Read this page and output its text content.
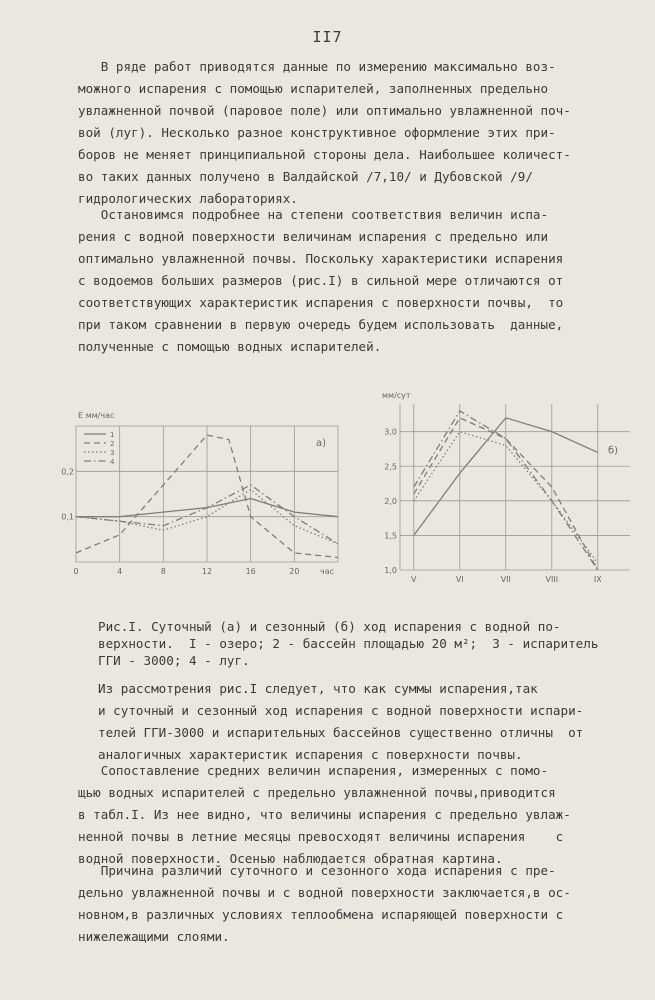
II7
В ряде работ приводятся данные по измерению максимально воз-
можного испарения с помощью испарителей, заполненных предельно
увлажненной почвой (паровое поле) или оптимально увлажненной поч-
вой (луг). Несколько разное конструктивное оформление этих при-
боров не меняет принципиальной стороны дела. Наибольшее количест-
во таких данных получено в Валдайской /7,10/ и Дубовской /9/
гидрологических лабораториях.
Остановимся подробнее на степени соответствия величин испа-
рения с водной поверхности величинам испарения с предельно или
оптимально увлажненной почвы. Поскольку характеристики испарения
с водоемов больших размеров (рис.I) в сильной мере отличаются от
соответствующих характеристик испарения с поверхности почвы,  то
при таком сравнении в первую очередь будем использовать  данные,
полученные с помощью водных испарителей.
0	4	8	12	16	20
0,1
0,2
час
E мм/час
а)
1
2
3
4
1,0
1,5
2,0
2,5
3,0
V	VI	VII	VIII	IX
мм/сут
б)
Рис.I. Суточный (а) и сезонный (б) ход испарения с водной по-
верхности.  I - озеро; 2 - бассейн площадью 20 м²;  3 - испаритель
ГГИ - 3000; 4 - луг.
Из рассмотрения рис.I следует, что как суммы испарения,так
и суточный и сезонный ход испарения с водной поверхности испари-
телей ГГИ-3000 и испарительных бассейнов существенно отличны  от
аналогичных характеристик испарения с поверхности почвы.
Сопоставление средних величин испарения, измеренных с помо-
щью водных испарителей с предельно увлажненной почвы,приводится
в табл.I. Из нее видно, что величины испарения с предельно увлаж-
ненной почвы в летние месяцы превосходят величины испарения    с
водной поверхности. Осенью наблюдается обратная картина.
Причина различий суточного и сезонного хода испарения с пре-
дельно увлажненной почвы и с водной поверхности заключается,в ос-
новном,в различных условиях теплообмена испаряющей поверхности с
нижележащими слоями.
